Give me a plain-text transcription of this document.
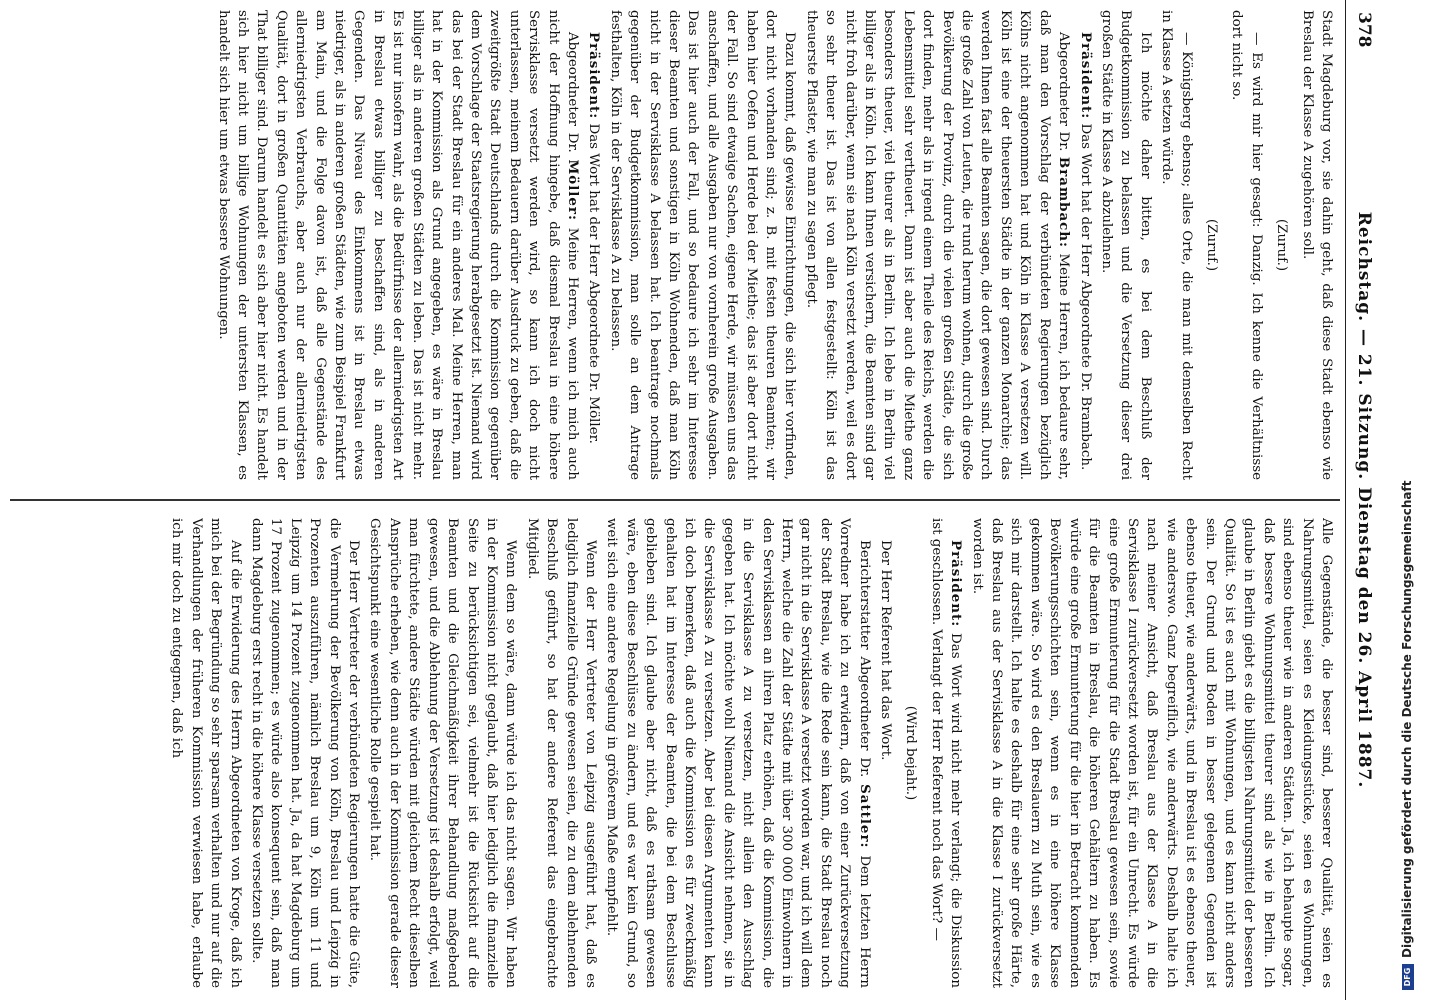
378
Reichstag. — 21. Sitzung. Dienstag den 26. April 1887.

Stadt Magdeburg vor, sie dahin geht, daß diese Stadt ebenso wie Breslau der Klasse A zugehören soll.

(Zuruf.)

— Es wird mir hier gesagt: Danzig. Ich kenne die Verhältnisse dort nicht so.

(Zuruf.)

— Königsberg ebenso; alles Orte, die man mit demselben Recht in Klasse A setzen würde.

Ich möchte daher bitten, es bei dem Beschluß der Budgetkommission zu belassen und die Versetzung dieser drei großen Städte in Klasse A abzulehnen.

Präsident: Das Wort hat der Herr Abgeordnete Dr. Brambach.

Abgeordneter Dr. Brambach: Meine Herren, ich bedaure sehr, daß man den Vorschlag der verbündeten Regierungen bezüglich Kölns nicht angenommen hat und Köln in Klasse A versetzen will. Köln ist eine der theuersten Städte in der ganzen Monarchie; das werden Ihnen fast alle Beamten sagen, die dort gewesen sind. Durch die große Zahl von Leuten, die rund herum wohnen, durch die große Bevölkerung der Provinz, durch die vielen großen Städte, die sich dort finden, mehr als in irgend einem Theile des Reichs, werden die Lebensmittel sehr vertheuert. Dann ist aber auch die Miethe ganz besonders theuer, viel theurer als in Berlin. Ich lebe in Berlin viel billiger als in Köln. Ich kann Ihnen versichern, die Beamten sind gar nicht froh darüber, wenn sie nach Köln versetzt werden, weil es dort so sehr theuer ist. Das ist von allen festgestellt: Köln ist das theuerste Pflaster, wie man zu sagen pflegt.

Dazu kommt, daß gewisse Einrichtungen, die sich hier vorfinden, dort nicht vorhanden sind; z. B. mit festen theuren Beamten; wir haben hier Oefen und Herde bei der Miethe; das ist aber dort nicht der Fall. So sind etwaige Sachen, eigene Herde, wir müssen uns das anschaffen, und alle Ausgaben nur von vornherein große Ausgaben. Das ist hier auch der Fall, und so bedaure ich sehr im Interesse dieser Beamten und sonstigen in Köln Wohnenden, daß man Köln nicht in der Servisklasse A belassen hat. Ich beantrage nochmals gegenüber der Budgetkommission, man solle an dem Antrage festhalten, Köln in der Servisklasse A zu belassen.

Präsident: Das Wort hat der Herr Abgeordnete Dr. Möller.

Abgeordneter Dr. Möller: Meine Herren, wenn ich mich auch nicht der Hoffnung hingebe, daß diesmal Breslau in eine höhere Servisklasse versetzt werden wird, so kann ich doch nicht unterlassen, meinem Bedauern darüber Ausdruck zu geben, daß die zweitgrößte Stadt Deutschlands durch die Kommission gegenüber dem Vorschlage der Staatsregierung herabgesetzt ist. Niemand wird das bei der Stadt Breslau für ein anderes Mal. Meine Herren, man hat in der Kommission als Grund angegeben, es wäre in Breslau billiger als in anderen großen Städten zu leben. Das ist nicht mehr. Es ist nur insofern wahr, als die Bedürfnisse der allerniedrigsten Art in Breslau etwas billiger zu beschaffen sind, als in anderen Gegenden. Das Niveau des Einkommens ist in Breslau etwas niedriger, als in anderen großen Städten, wie zum Beispiel Frankfurt am Main, und die Folge davon ist, daß alle Gegenstände des allerniedrigsten Verbrauchs, aber auch nur der allerniedrigsten Qualität, dort in großen Quantitäten angeboten werden und in der That billiger sind. Darum handelt es sich aber hier nicht. Es handelt sich hier nicht um billige Wohnungen der untersten Klassen, es handelt sich hier um etwas bessere Wohnungen.

Alle Gegenstände, die besser sind, besserer Qualität, seien es Nahrungsmittel, seien es Kleidungsstücke, seien es Wohnungen, sind ebenso theuer wie in anderen Städten. Ja, ich behaupte sogar, daß bessere Wohnungsmittel theurer sind als wie in Berlin. Ich glaube in Berlin giebt es die billigsten Nahrungsmittel der besseren Qualität. So ist es auch mit Wohnungen, und es kann nicht anders sein. Der Grund und Boden in besser gelegenen Gegenden ist ebenso theuer, wie anderwärts, und in Breslau ist es ebenso theuer, wie anderswo. Ganz begreiflich, wie anderwärts. Deshalb halte ich nach meiner Ansicht, daß Breslau aus der Klasse A in die Servisklasse I zurückversetzt worden ist, für ein Unrecht. Es würde eine große Ermunterung für die Stadt Breslau gewesen sein, sowie für die Beamten in Breslau, die höheren Gehältern zu haben. Es würde eine große Ermunterung für die hier in Betracht kommenden Bevölkerungsschichten sein, wenn es in eine höhere Klasse gekommen wäre. So wird es den Breslauern zu Muth sein, wie es sich mir darstellt. Ich halte es deshalb für eine sehr große Härte, daß Breslau aus der Servisklasse A in die Klasse I zurückversetzt worden ist.

Präsident: Das Wort wird nicht mehr verlangt; die Diskussion ist geschlossen. Verlangt der Herr Referent noch das Wort? —

(Wird bejaht.)

Der Herr Referent hat das Wort.

Berichterstatter Abgeordneter Dr. Sattler: Dem letzten Herrn Vorredner habe ich zu erwidern, daß von einer Zurückversetzung der Stadt Breslau, wie die Rede sein kann, die Stadt Breslau noch gar nicht in die Servisklasse A versetzt worden war, und ich will dem Herrn, welche die Zahl der Städte mit über 300 000 Einwohnern in den Servisklassen an ihren Platz erhöhen, daß die Kommission, die in die Servisklasse A zu versetzen, nicht allein den Ausschlag gegeben hat. Ich möchte wohl Niemand die Ansicht nehmen, sie in die Servisklasse A zu versetzen. Aber bei diesen Argumenten kann ich doch bemerken, daß auch die Kommission es für zweckmäßig gehalten hat im Interesse der Beamten, die bei dem Beschlusse geblieben sind. Ich glaube aber nicht, daß es rathsam gewesen wäre, eben diese Beschlüsse zu ändern, und es war kein Grund, so weit sich eine andere Regelung in größerem Maße empfiehlt.

Wenn der Herr Vertreter von Leipzig ausgeführt hat, daß es lediglich finanzielle Gründe gewesen seien, die zu dem ablehnenden Beschluß geführt, so hat der andere Referent das eingebrachte Mitglied.

Wenn dem so wäre, dann würde ich das nicht sagen. Wir haben in der Kommission nicht geglaubt, daß hier lediglich die finanzielle Seite zu berücksichtigen sei, vielmehr ist die Rücksicht auf die Beamten und die Gleichmäßigkeit ihrer Behandlung maßgebend gewesen, und die Ablehnung der Versetzung ist deshalb erfolgt, weil man fürchtete, andere Städte würden mit gleichem Recht dieselben Ansprüche erheben, wie denn auch in der Kommission gerade dieser Gesichtspunkt eine wesentliche Rolle gespielt hat.

Der Herr Vertreter der verbündeten Regierungen hatte die Güte, die Vermehrung der Bevölkerung von Köln, Breslau und Leipzig in Prozenten auszuführen, nämlich Breslau um 9, Köln um 11 und Leipzig um 14 Prozent zugenommen hat. Ja, da hat Magdeburg um 17 Prozent zugenommen; es würde also konsequent sein, daß man dann Magdeburg erst recht in die höhere Klasse versetzen sollte.

Auf die Erwiderung des Herrn Abgeordneten von Kroge, daß ich mich bei der Begründung so sehr sparsam verhalten und nur auf die Verhandlungen der früheren Kommission verwiesen habe, erlaube ich mir doch zu entgegnen, daß ich

DFGDigitalisierung gefördert durch die Deutsche Forschungsgemeinschaft
